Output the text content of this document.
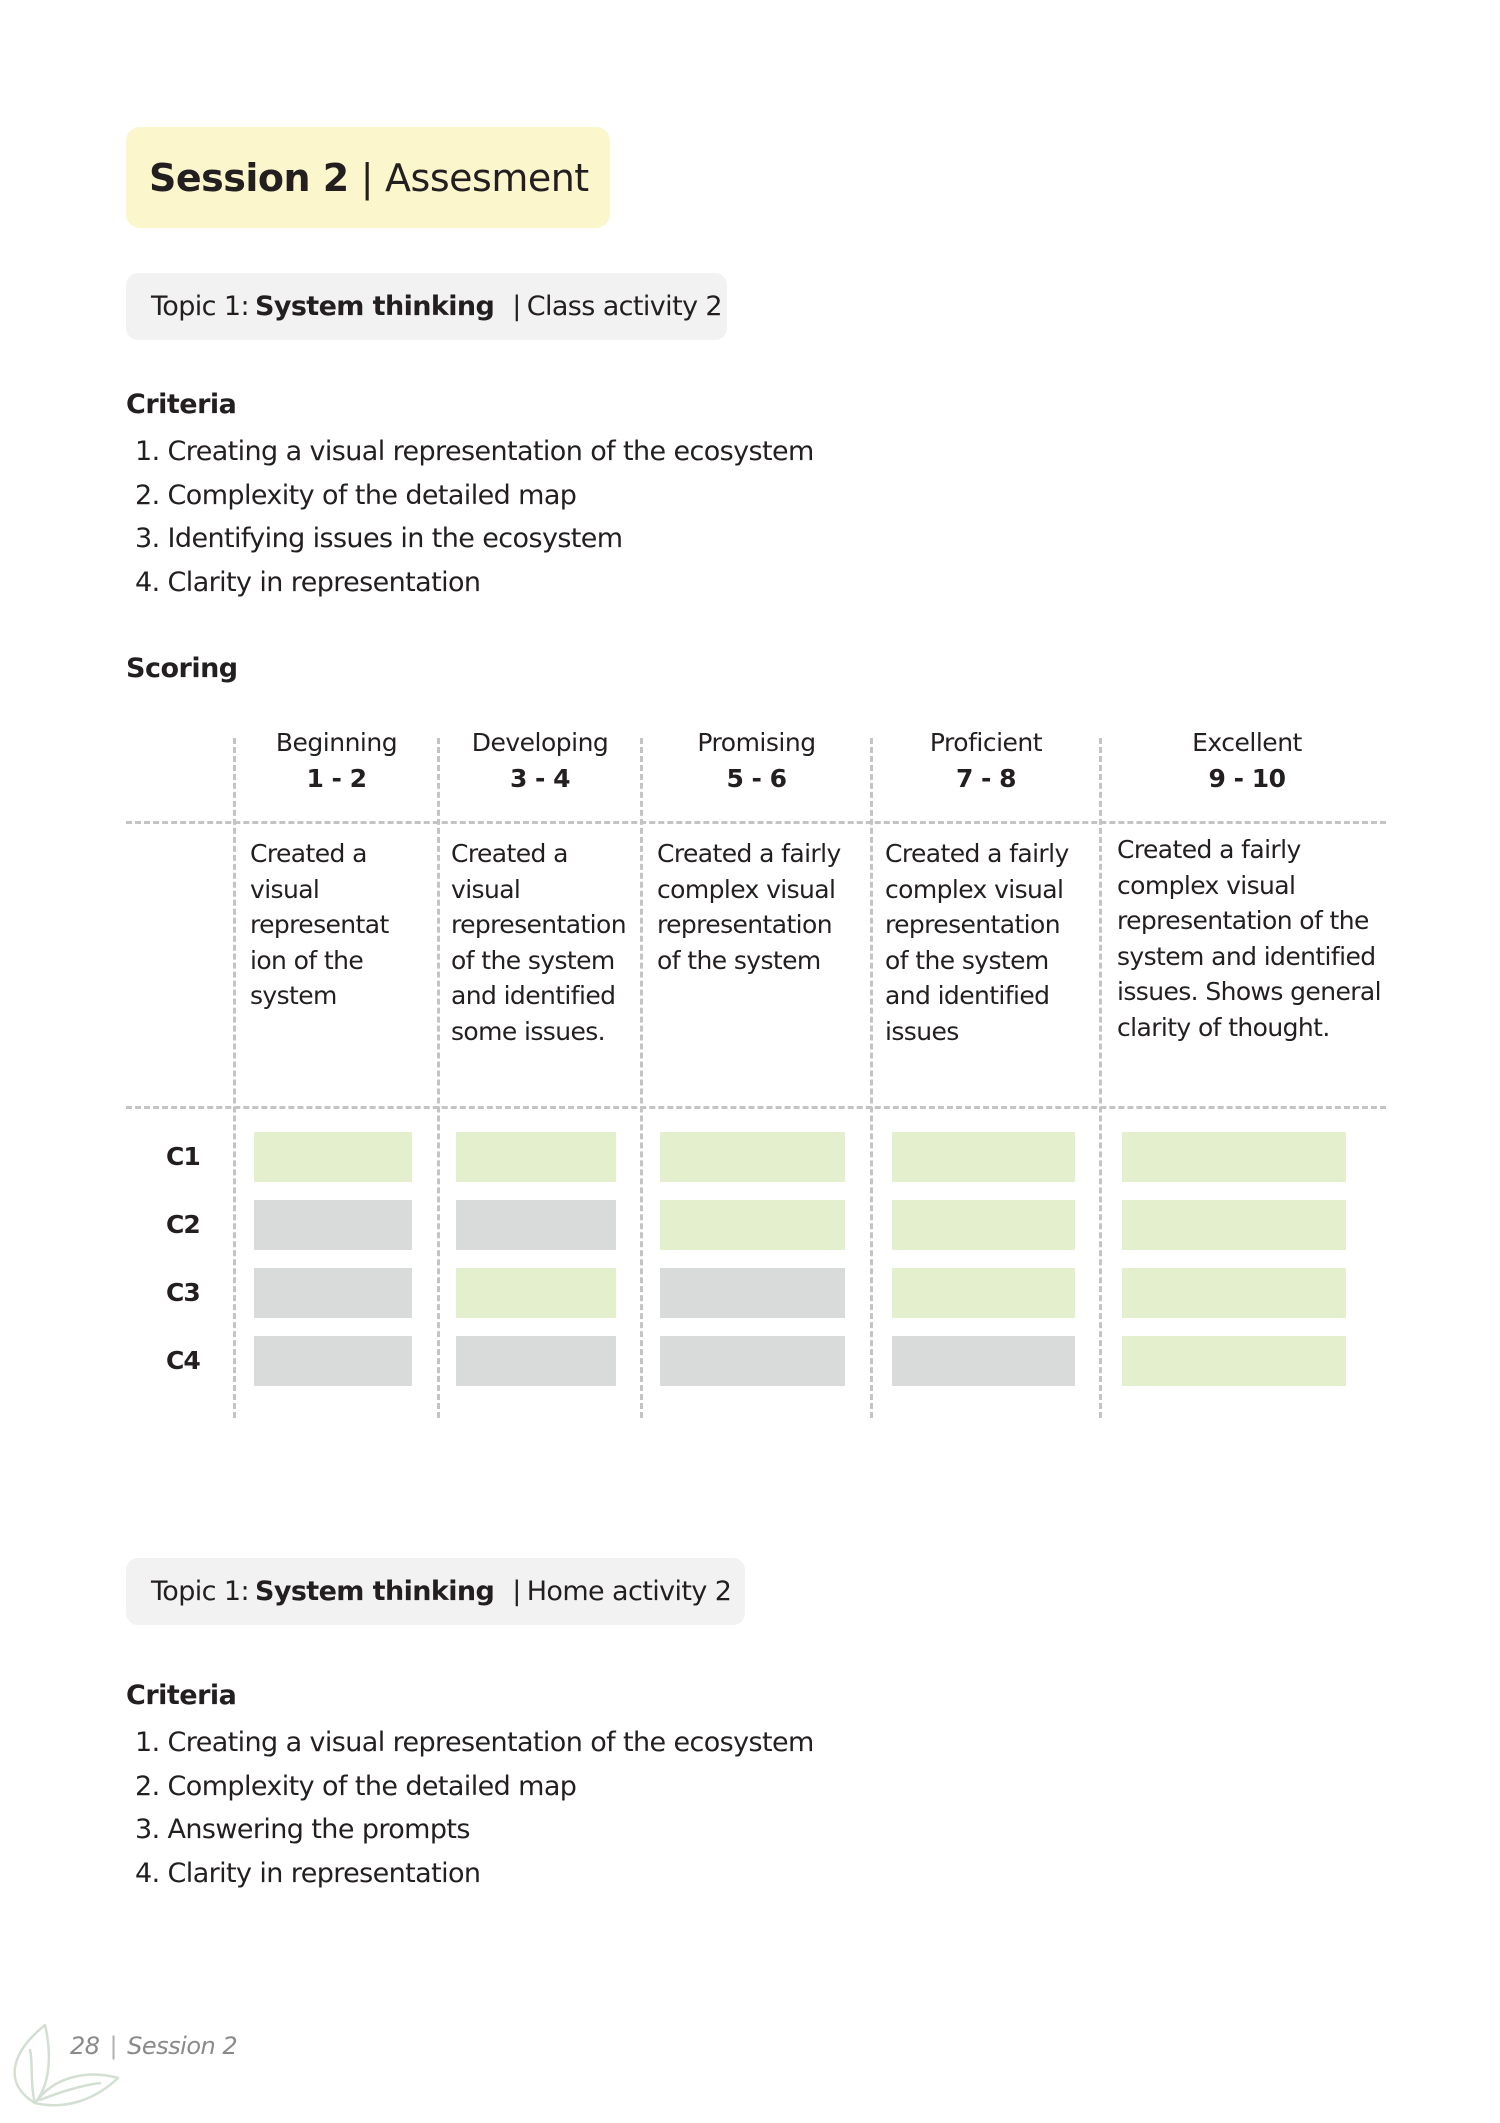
Session 2 | Assesment
Topic 1: System thinking | Class activity 2
Criteria
1. Creating a visual representation of the ecosystem
2. Complexity of the detailed map
3. Identifying issues in the ecosystem
4. Clarity in representation
Scoring
Beginning
1 - 2
Developing
3 - 4
Promising
5 - 6
Proficient
7 - 8
Excellent
9 - 10
Created a visual representat ion of the system
Created a visual representation of the system and identified some issues.
Created a fairly complex visual representation of the system
Created a fairly complex visual representation of the system and identified issues
Created a fairly complex visual representation of the system and identified issues. Shows general clarity of thought.
C1
C2
C3
C4
Topic 1: System thinking | Home activity 2
Criteria
1. Creating a visual representation of the ecosystem
2. Complexity of the detailed map
3. Answering the prompts
4. Clarity in representation
28 | Session 2
